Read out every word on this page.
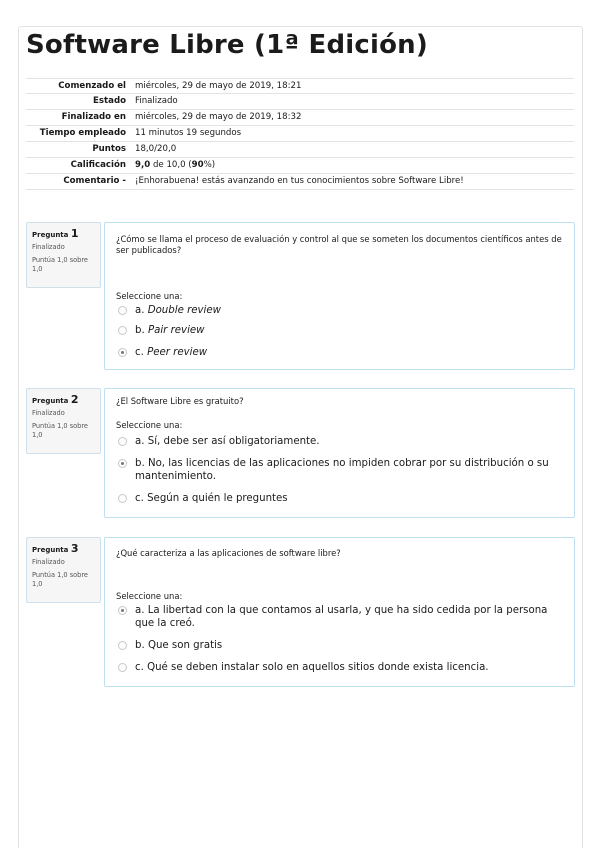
Software Libre (1ª Edición)
Comenzado el miércoles, 29 de mayo de 2019, 18:21
Estado Finalizado
Finalizado en miércoles, 29 de mayo de 2019, 18:32
Tiempo empleado 11 minutos 19 segundos
Puntos 18,0/20,0
Calificación 9,0 de 10,0 (90%)
Comentario - ¡Enhorabuena! estás avanzando en tus conocimientos sobre Software Libre!
Pregunta 1
Finalizado
Puntúa 1,0 sobre 1,0
¿Cómo se llama el proceso de evaluación y control al que se someten los documentos científicos antes de ser publicados?
Seleccione una:
a. Double review
b. Pair review
c. Peer review
Pregunta 2
Finalizado
Puntúa 1,0 sobre 1,0
¿El Software Libre es gratuito?
Seleccione una:
a. Sí, debe ser así obligatoriamente.
b. No, las licencias de las aplicaciones no impiden cobrar por su distribución o su mantenimiento.
c. Según a quién le preguntes
Pregunta 3
Finalizado
Puntúa 1,0 sobre 1,0
¿Qué caracteriza a las aplicaciones de software libre?
Seleccione una:
a. La libertad con la que contamos al usarla, y que ha sido cedida por la persona que la creó.
b. Que son gratis
c. Qué se deben instalar solo en aquellos sitios donde exista licencia.
